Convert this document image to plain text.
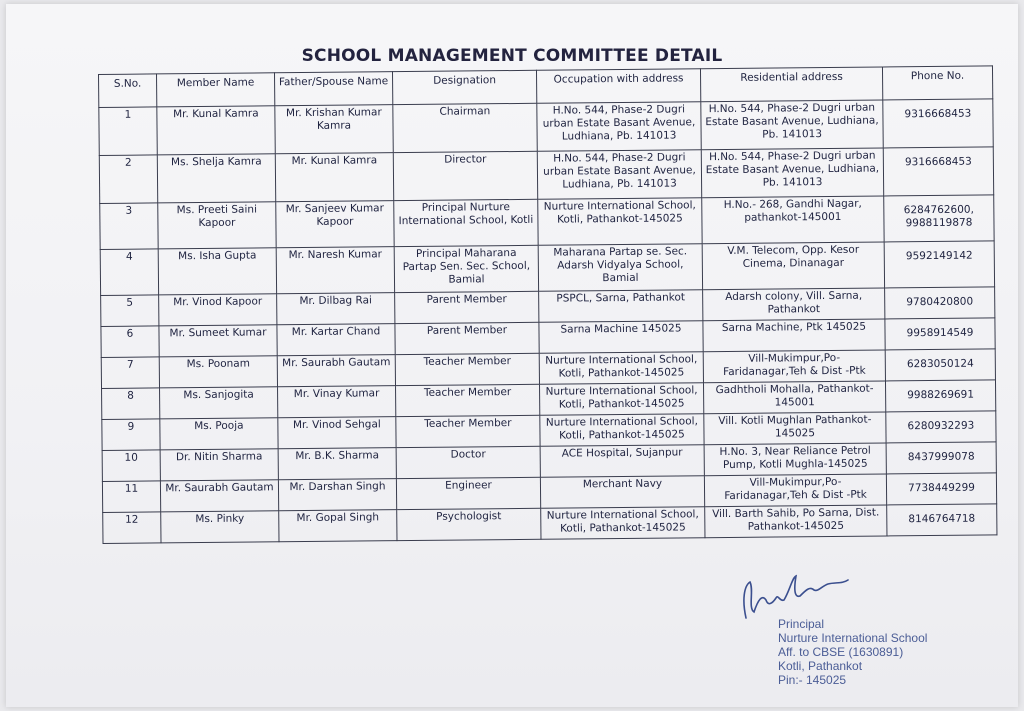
SCHOOL MANAGEMENT COMMITTEE DETAIL
S.No.	Member Name	Father/Spouse Name	Designation	Occupation with address	Residential address	Phone No.
1	Mr. Kunal Kamra	Mr. Krishan Kumar Kamra	Chairman	H.No. 544, Phase-2 Dugri urban Estate Basant Avenue, Ludhiana, Pb. 141013	H.No. 544, Phase-2 Dugri urban Estate Basant Avenue, Ludhiana, Pb. 141013	9316668453
2	Ms. Shelja Kamra	Mr. Kunal Kamra	Director	H.No. 544, Phase-2 Dugri urban Estate Basant Avenue, Ludhiana, Pb. 141013	H.No. 544, Phase-2 Dugri urban Estate Basant Avenue, Ludhiana, Pb. 141013	9316668453
3	Ms. Preeti Saini Kapoor	Mr. Sanjeev Kumar Kapoor	Principal Nurture International School, Kotli	Nurture International School, Kotli, Pathankot-145025	H.No.- 268, Gandhi Nagar, pathankot-145001	6284762600, 9988119878
4	Ms. Isha Gupta	Mr. Naresh Kumar	Principal Maharana Partap Sen. Sec. School, Bamial	Maharana Partap se. Sec. Adarsh Vidyalya School, Bamial	V.M. Telecom, Opp. Kesor Cinema, Dinanagar	9592149142
5	Mr. Vinod Kapoor	Mr. Dilbag Rai	Parent Member	PSPCL, Sarna, Pathankot	Adarsh colony, Vill. Sarna, Pathankot	9780420800
6	Mr. Sumeet Kumar	Mr. Kartar Chand	Parent Member	Sarna Machine 145025	Sarna Machine, Ptk 145025	9958914549
7	Ms. Poonam	Mr. Saurabh Gautam	Teacher Member	Nurture International School, Kotli, Pathankot-145025	Vill-Mukimpur,Po-Faridanagar,Teh & Dist -Ptk	6283050124
8	Ms. Sanjogita	Mr. Vinay Kumar	Teacher Member	Nurture International School, Kotli, Pathankot-145025	Gadhtholi Mohalla, Pathankot-145001	9988269691
9	Ms. Pooja	Mr. Vinod Sehgal	Teacher Member	Nurture International School, Kotli, Pathankot-145025	Vill. Kotli Mughlan Pathankot-145025	6280932293
10	Dr. Nitin Sharma	Mr. B.K. Sharma	Doctor	ACE Hospital, Sujanpur	H.No. 3, Near Reliance Petrol Pump, Kotli Mughla-145025	8437999078
11	Mr. Saurabh Gautam	Mr. Darshan Singh	Engineer	Merchant Navy	Vill-Mukimpur,Po-Faridanagar,Teh & Dist -Ptk	7738449299
12	Ms. Pinky	Mr. Gopal Singh	Psychologist	Nurture International School, Kotli, Pathankot-145025	Vill. Barth Sahib, Po Sarna, Dist. Pathankot-145025	8146764718
Principal
Nurture International School
Aff. to CBSE (1630891)
Kotli, Pathankot
Pin:- 145025
